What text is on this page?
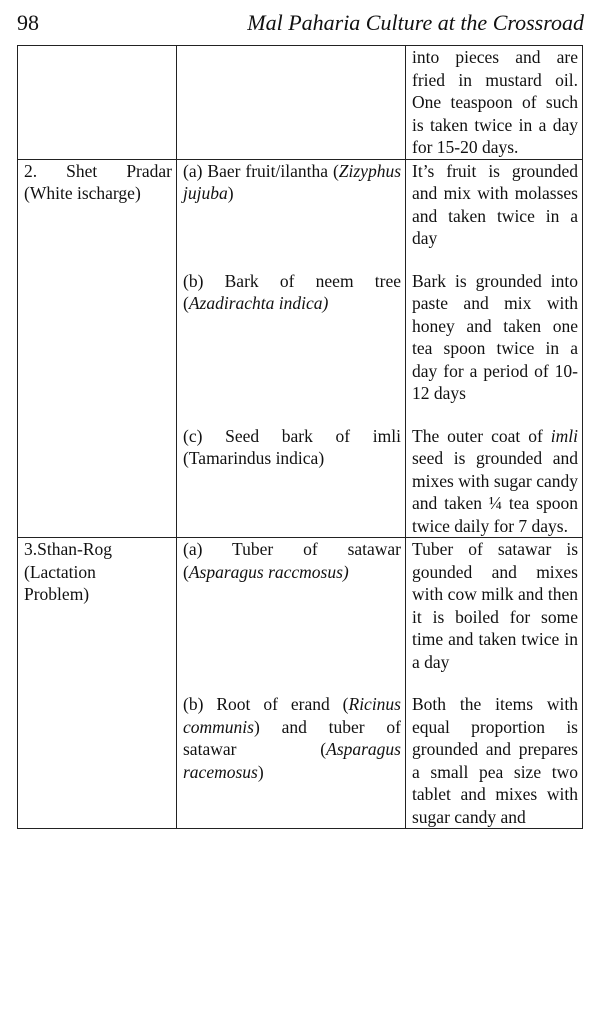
98	Mal Paharia Culture at the Crossroad

		into pieces and are fried in mustard oil. One teaspoon of such is taken twice in a day for 15-20 days.

2. Shet Pradar (White ischarge)	(a) Baer fruit/ilantha (Zizyphus jujuba)	It’s fruit is grounded and mix with molasses and taken twice in a day

	(b) Bark of neem tree (Azadirachta indica)	Bark is grounded into paste and mix with honey and taken one tea spoon twice in a day for a period of 10-12 days

	(c) Seed bark of imli (Tamarindus indica)	The outer coat of imli seed is grounded and mixes with sugar candy and taken ¼ tea spoon twice daily for 7 days.

3.Sthan-Rog (Lactation Problem)	(a) Tuber of satawar (Asparagus raccmosus)	Tuber of satawar is gounded and mixes with cow milk and then it is boiled for some time and taken twice in a day

	(b) Root of erand (Ricinus communis) and tuber of satawar (Asparagus racemosus)	Both the items with equal proportion is grounded and prepares a small pea size two tablet and mixes with sugar candy and
